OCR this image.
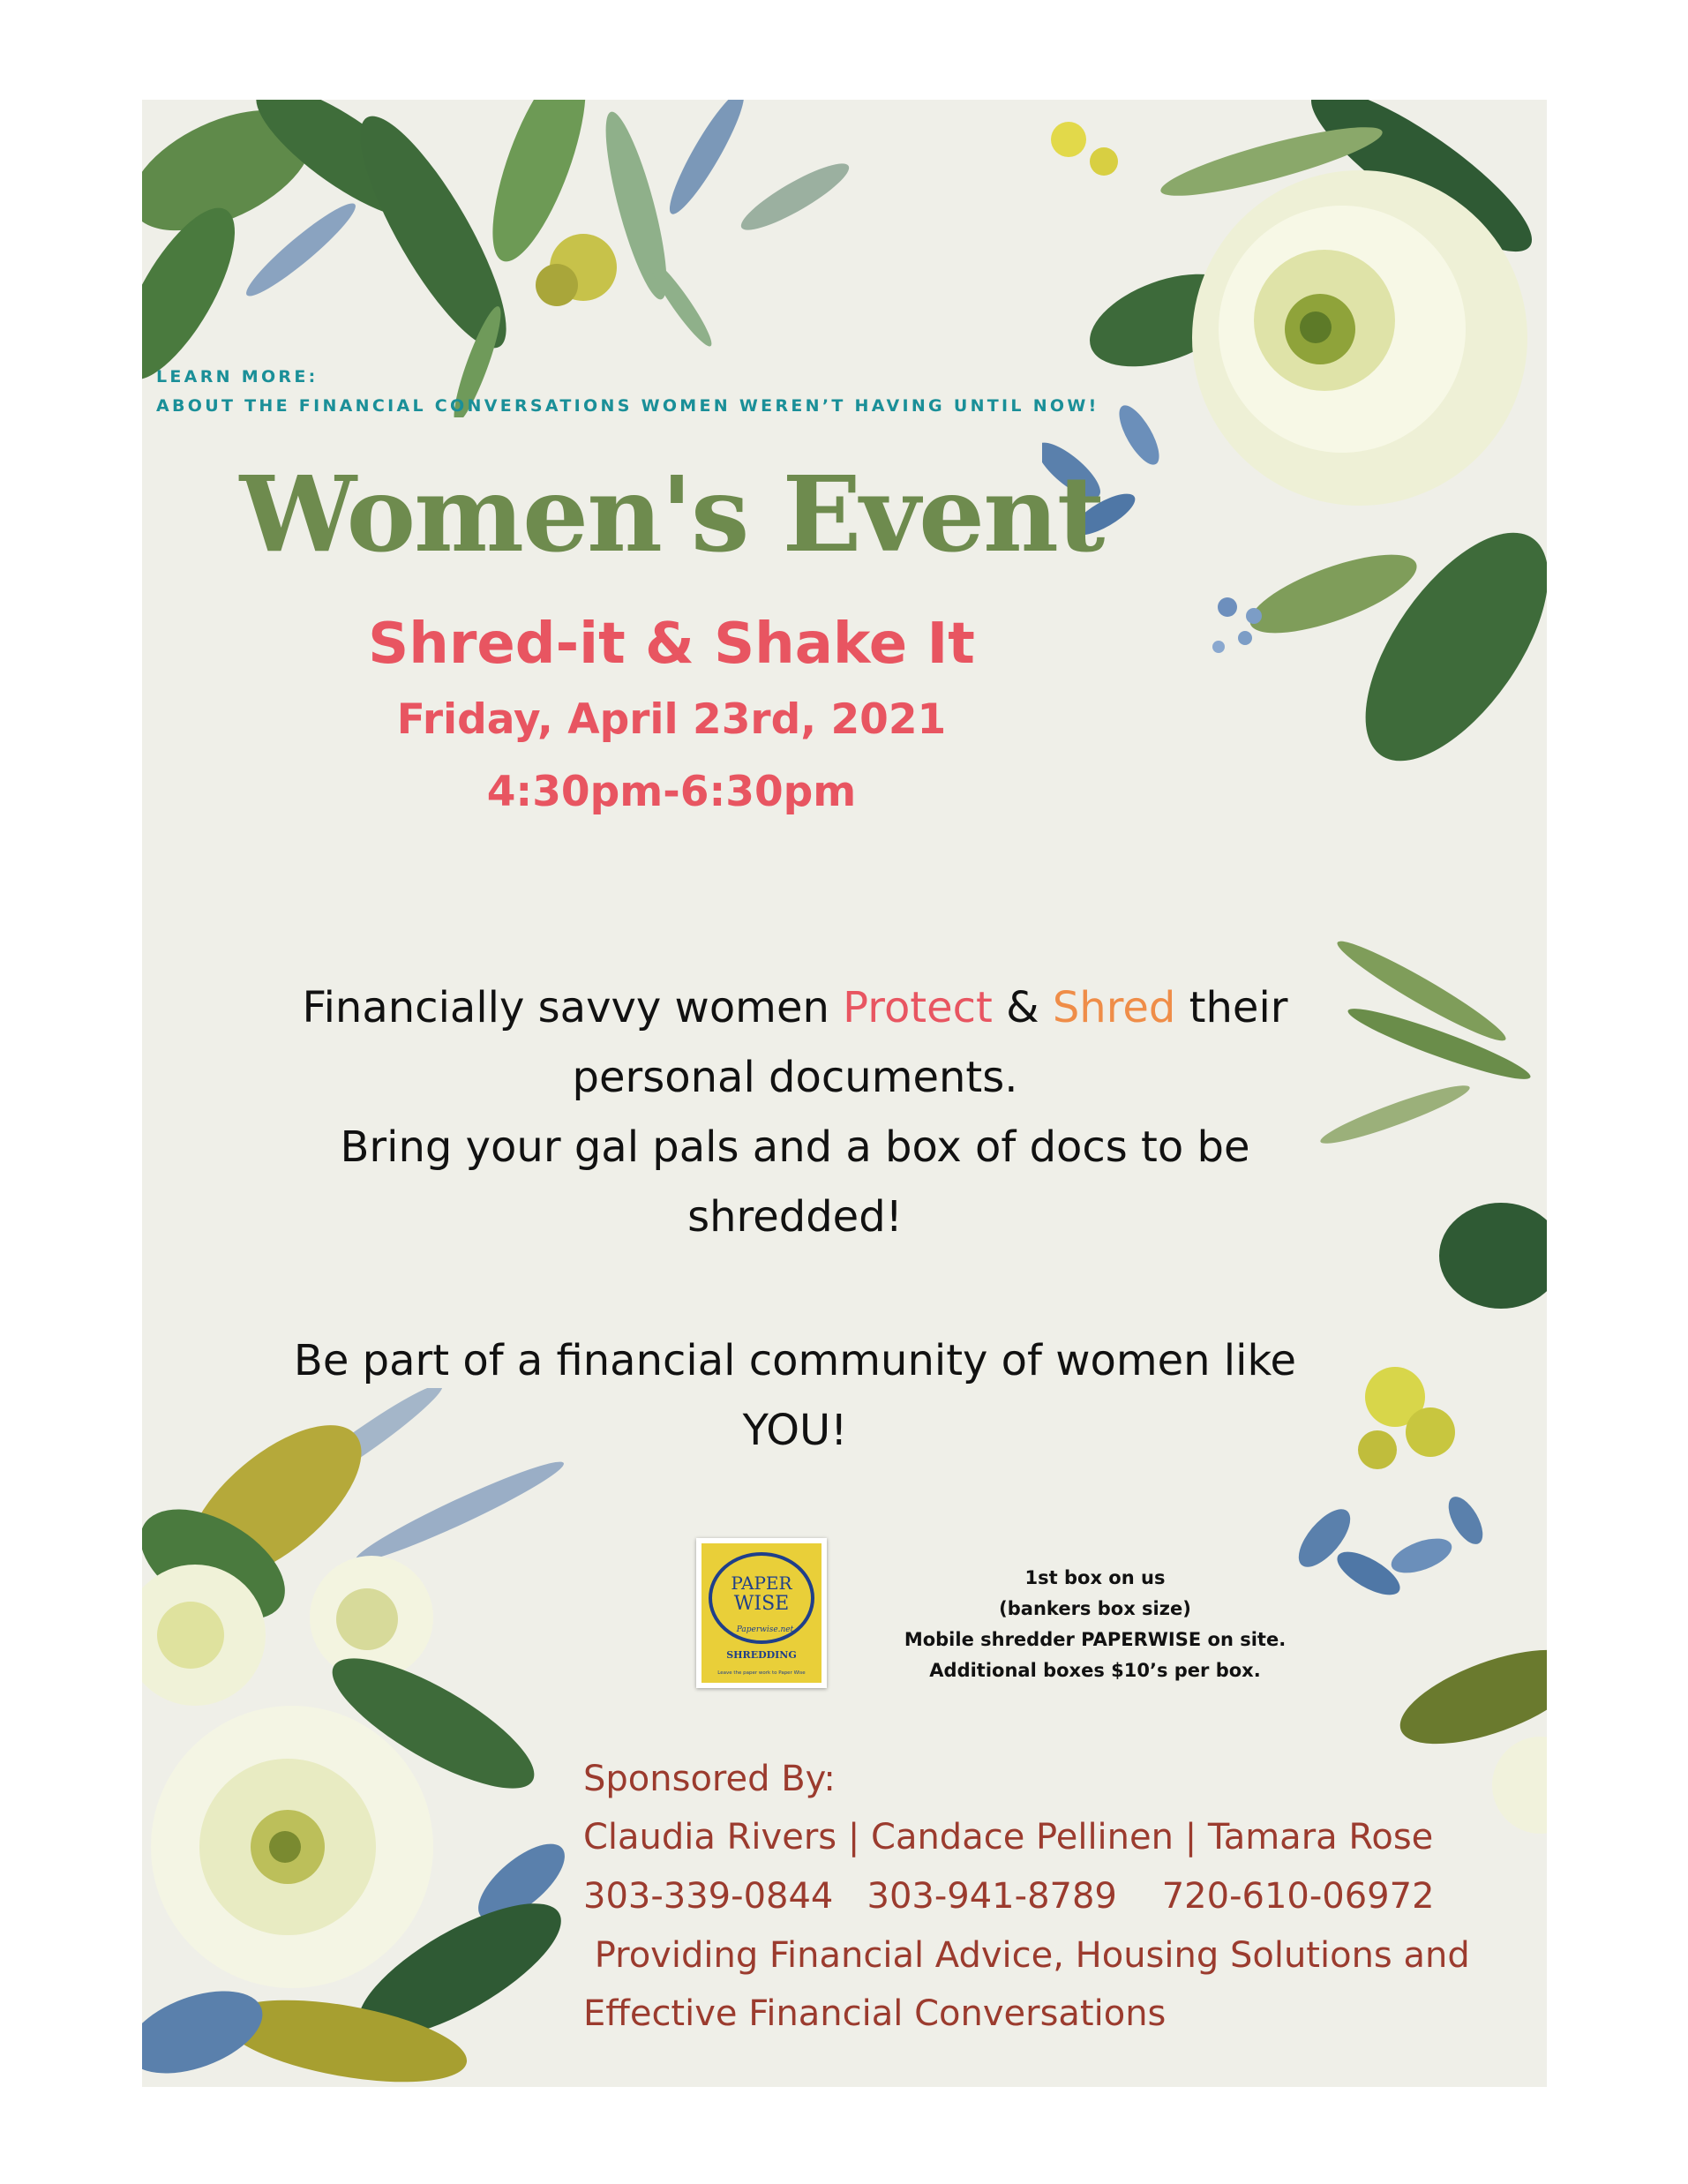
LEARN MORE:
ABOUT THE FINANCIAL CONVERSATIONS WOMEN WEREN’T HAVING UNTIL NOW!
Women's Event
Shred-it & Shake It
Friday, April 23rd, 2021
4:30pm-6:30pm
Financially savvy women Protect & Shred their
personal documents.
Bring your gal pals and a box of docs to be
shredded!
Be part of a financial community of women like
YOU!
PAPER
WISE
Paperwise.net
SHREDDING
Leave the paper work to Paper Wise
1st box on us
(bankers box size)
Mobile shredder PAPERWISE on site.
Additional boxes $10’s per box.
Sponsored By:
Claudia Rivers | Candace Pellinen | Tamara Rose
303-339-0844   303-941-8789    720-610-06972
Providing Financial Advice, Housing Solutions and
Effective Financial Conversations
